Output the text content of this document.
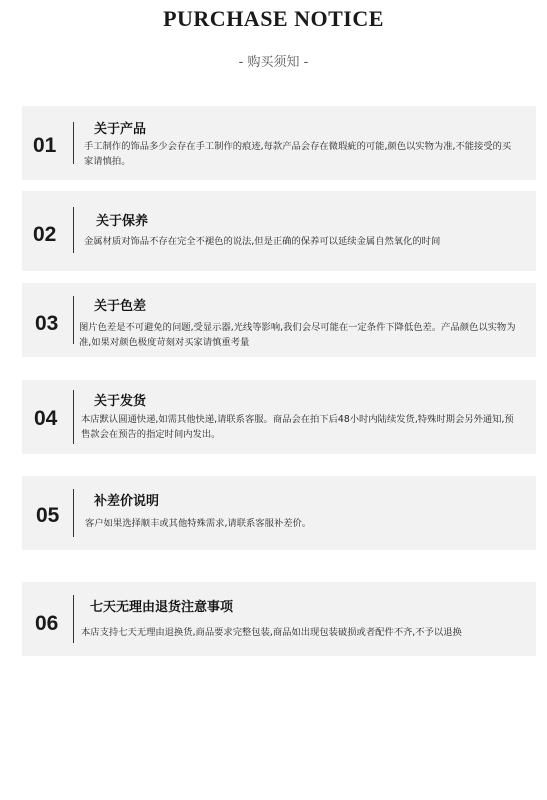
PURCHASE NOTICE
- 购买须知 -
01
关于产品
手工制作的饰品多少会存在手工制作的痕迹,每款产品会存在微瑕疵的可能,颜色以实物为准,不能接受的买家请慎拍。
02
关于保养
金属材质对饰品不存在完全不褪色的说法,但是正确的保养可以延续金属自然氧化的时间
03
关于色差
图片色差是不可避免的问题,受显示器,光线等影响,我们会尽可能在一定条件下降低色差。产品颜色以实物为准,如果对颜色极度苛刻对买家请慎重考量
04
关于发货
本店默认圆通快递,如需其他快递,请联系客服。商品会在拍下后48小时内陆续发货,特殊时期会另外通知,预售款会在预告的指定时间内发出。
05
补差价说明
客户如果选择顺丰或其他特殊需求,请联系客服补差价。
06
七天无理由退货注意事项
本店支持七天无理由退换货,商品要求完整包装,商品如出现包装破损或者配件不齐,不予以退换
